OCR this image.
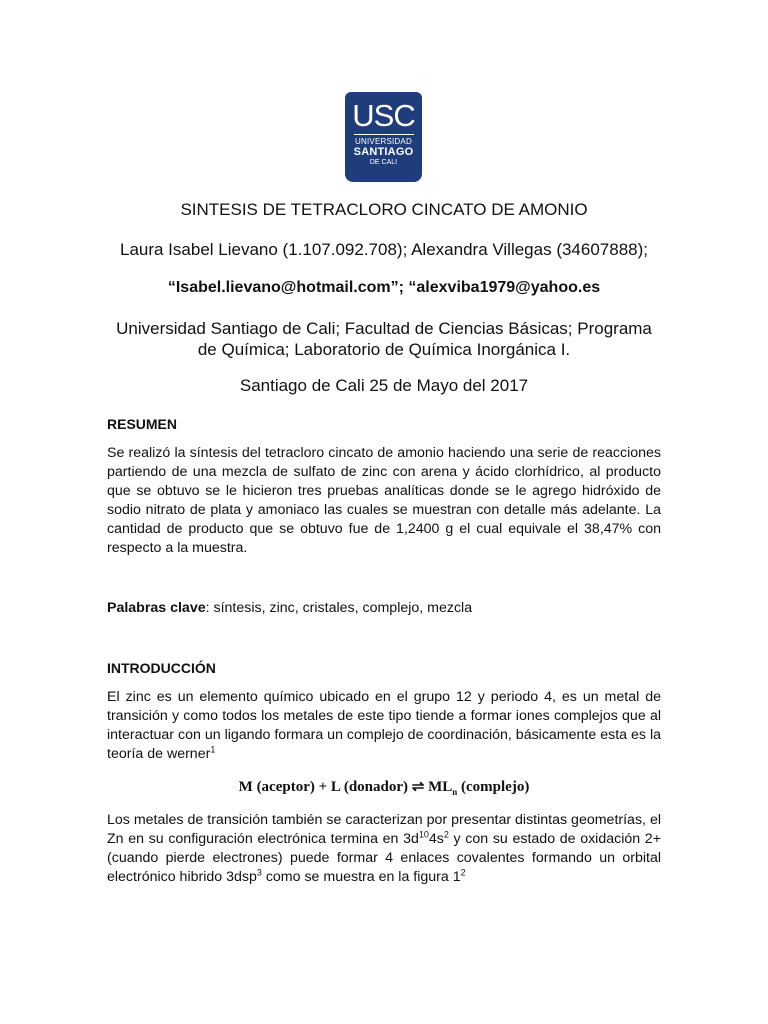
USC
UNIVERSIDAD
SANTIAGO
DE CALI

SINTESIS DE TETRACLORO CINCATO DE AMONIO

Laura Isabel Lievano (1.107.092.708); Alexandra Villegas (34607888);

“Isabel.lievano@hotmail.com”; “alexviba1979@yahoo.es

Universidad Santiago de Cali; Facultad de Ciencias Básicas; Programa
de Química; Laboratorio de Química Inorgánica I.

Santiago de Cali 25 de Mayo del 2017

RESUMEN

Se realizó la síntesis del tetracloro cincato de amonio haciendo una serie de reacciones partiendo de una mezcla de sulfato de zinc con arena y ácido clorhídrico, al producto que se obtuvo se le hicieron tres pruebas analíticas donde se le agrego hidróxido de sodio nitrato de plata y amoniaco las cuales se muestran con detalle más adelante. La cantidad de producto que se obtuvo fue de 1,2400 g el cual equivale el 38,47% con respecto a la muestra.

Palabras clave: síntesis, zinc, cristales, complejo, mezcla

INTRODUCCIÓN

El zinc es un elemento químico ubicado en el grupo 12 y periodo 4, es un metal de transición y como todos los metales de este tipo tiende a formar iones complejos que al interactuar con un ligando formara un complejo de coordinación, básicamente esta es la teoría de werner$^1$

M (aceptor) + L (donador) ⇌ $ML_n$ (complejo)

Los metales de transición también se caracterizan por presentar distintas geometrías, el Zn en su configuración electrónica termina en $3d^{10}4s^2$ y con su estado de oxidación 2+ (cuando pierde electrones) puede formar 4 enlaces covalentes formando un orbital electrónico hibrido 3dsp$^3$ como se muestra en la figura $1^2$
